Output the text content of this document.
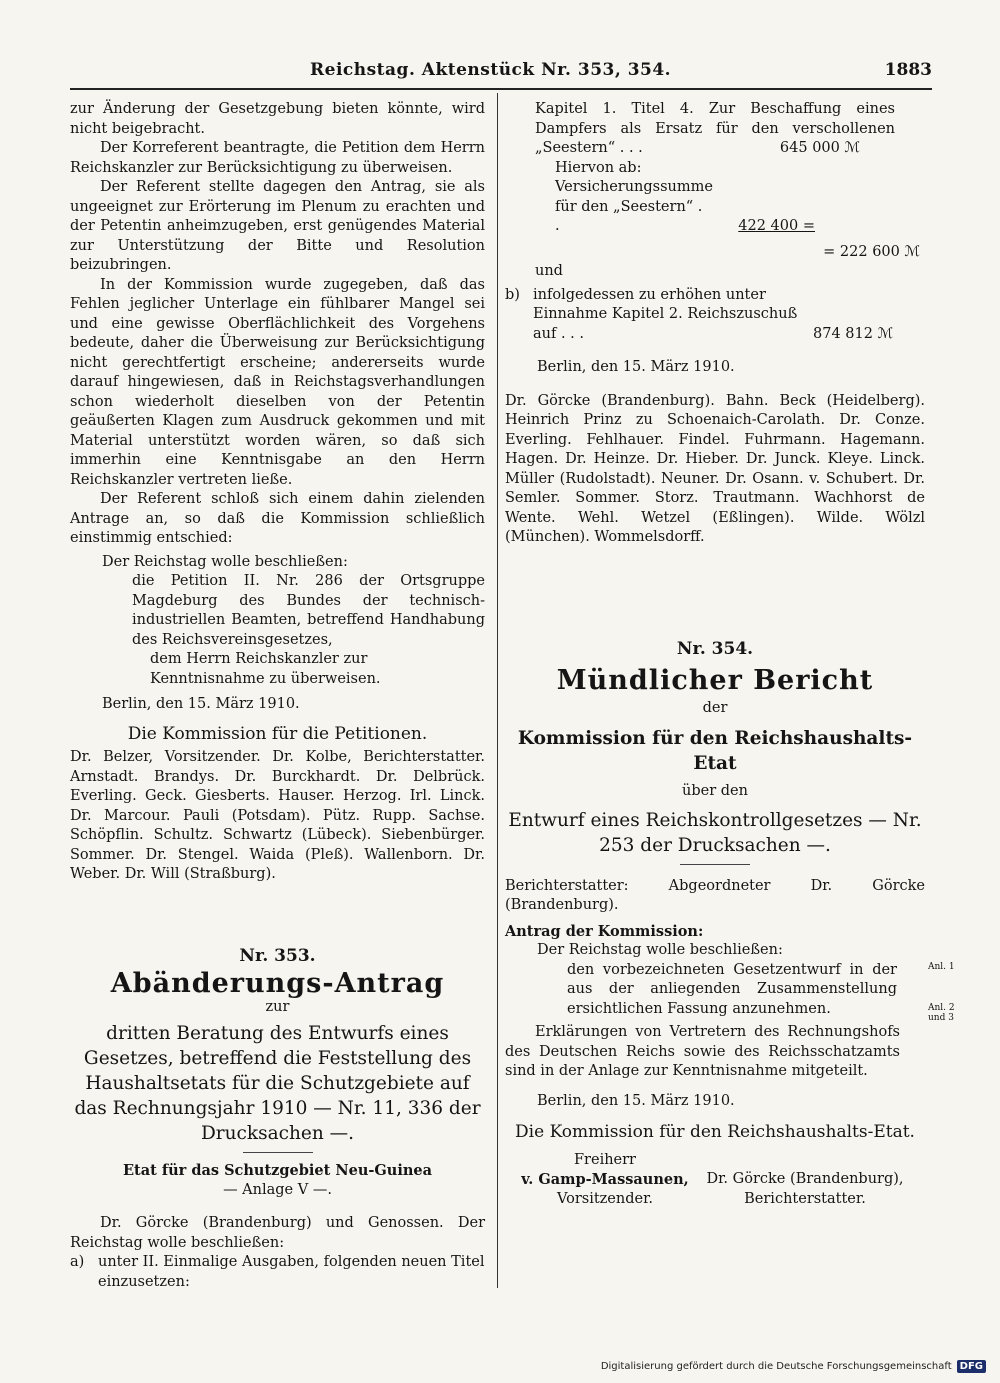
Reichstag. Aktenstück Nr. 353, 354.	1883

zur Änderung der Gesetzgebung bieten könnte, wird nicht beigebracht.

Der Korreferent beantragte, die Petition dem Herrn Reichskanzler zur Berücksichtigung zu überweisen.

Der Referent stellte dagegen den Antrag, sie als ungeeignet zur Erörterung im Plenum zu erachten und der Petentin anheimzugeben, erst genügendes Material zur Unterstützung der Bitte und Resolution beizubringen.

In der Kommission wurde zugegeben, daß das Fehlen jeglicher Unterlage ein fühlbarer Mangel sei und eine gewisse Oberflächlichkeit des Vorgehens bedeute, daher die Überweisung zur Berücksichtigung nicht gerechtfertigt erscheine; andererseits wurde darauf hingewiesen, daß in Reichstagsverhandlungen schon wiederholt dieselben von der Petentin geäußerten Klagen zum Ausdruck gekommen und mit Material unterstützt worden wären, so daß sich immerhin eine Kenntnisgabe an den Herrn Reichskanzler vertreten ließe.

Der Referent schloß sich einem dahin zielenden Antrage an, so daß die Kommission schließlich einstimmig entschied:

Der Reichstag wolle beschließen:

die Petition II. Nr. 286 der Ortsgruppe Magdeburg des Bundes der technisch-industriellen Beamten, betreffend Handhabung des Reichsvereinsgesetzes,

dem Herrn Reichskanzler zur Kenntnisnahme zu überweisen.

Berlin, den 15. März 1910.

Die Kommission für die Petitionen.

Dr. Belzer, Vorsitzender. Dr. Kolbe, Berichterstatter. Arnstadt. Brandys. Dr. Burckhardt. Dr. Delbrück. Everling. Geck. Giesberts. Hauser. Herzog. Irl. Linck. Dr. Marcour. Pauli (Potsdam). Pütz. Rupp. Sachse. Schöpflin. Schultz. Schwartz (Lübeck). Siebenbürger. Sommer. Dr. Stengel. Waida (Pleß). Wallenborn. Dr. Weber. Dr. Will (Straßburg).

Nr. 353.

Abänderungs-Antrag

zur

dritten Beratung des Entwurfs eines Gesetzes, betreffend die Feststellung des Haushaltsetats für die Schutzgebiete auf das Rechnungsjahr 1910 — Nr. 11, 336 der Drucksachen —.

Etat für das Schutzgebiet Neu-Guinea

— Anlage V —.

Dr. Görcke (Brandenburg) und Genossen. Der Reichstag wolle beschließen:

a) unter II. Einmalige Ausgaben, folgenden neuen Titel einzusetzen:

Kapitel 1. Titel 4. Zur Beschaffung eines Dampfers als Ersatz für den verschollenen „Seestern“ . . .	645 000 ℳ

Hiervon ab: Versicherungssumme für den „Seestern“ . .	422 400 =

= 222 600 ℳ

und

b) infolgedessen zu erhöhen unter Einnahme Kapitel 2. Reichszuschuß auf . . .	874 812 ℳ

Berlin, den 15. März 1910.

Dr. Görcke (Brandenburg). Bahn. Beck (Heidelberg). Heinrich Prinz zu Schoenaich-Carolath. Dr. Conze. Everling. Fehlhauer. Findel. Fuhrmann. Hagemann. Hagen. Dr. Heinze. Dr. Hieber. Dr. Junck. Kleye. Linck. Müller (Rudolstadt). Neuner. Dr. Osann. v. Schubert. Dr. Semler. Sommer. Storz. Trautmann. Wachhorst de Wente. Wehl. Wetzel (Eßlingen). Wilde. Wölzl (München). Wommelsdorff.

Nr. 354.

Mündlicher Bericht

der

Kommission für den Reichshaushalts-Etat

über den

Entwurf eines Reichskontrollgesetzes — Nr. 253 der Drucksachen —.

Berichterstatter: Abgeordneter Dr. Görcke (Brandenburg).

Antrag der Kommission:

Der Reichstag wolle beschließen:

den vorbezeichneten Gesetzentwurf in der aus der anliegenden Zusammenstellung ersichtlichen Fassung anzunehmen.

Erklärungen von Vertretern des Rechnungshofs des Deutschen Reichs sowie des Reichsschatzamts sind in der Anlage zur Kenntnisnahme mitgeteilt.

Berlin, den 15. März 1910.

Die Kommission für den Reichshaushalts-Etat.

Freiherr

v. Gamp-Massaunen,

Vorsitzender.

Dr. Görcke (Brandenburg),

Berichterstatter.

Anl. 1
Anl. 2 und 3
Digitalisierung gefördert durch die Deutsche Forschungsgemeinschaft DFG
